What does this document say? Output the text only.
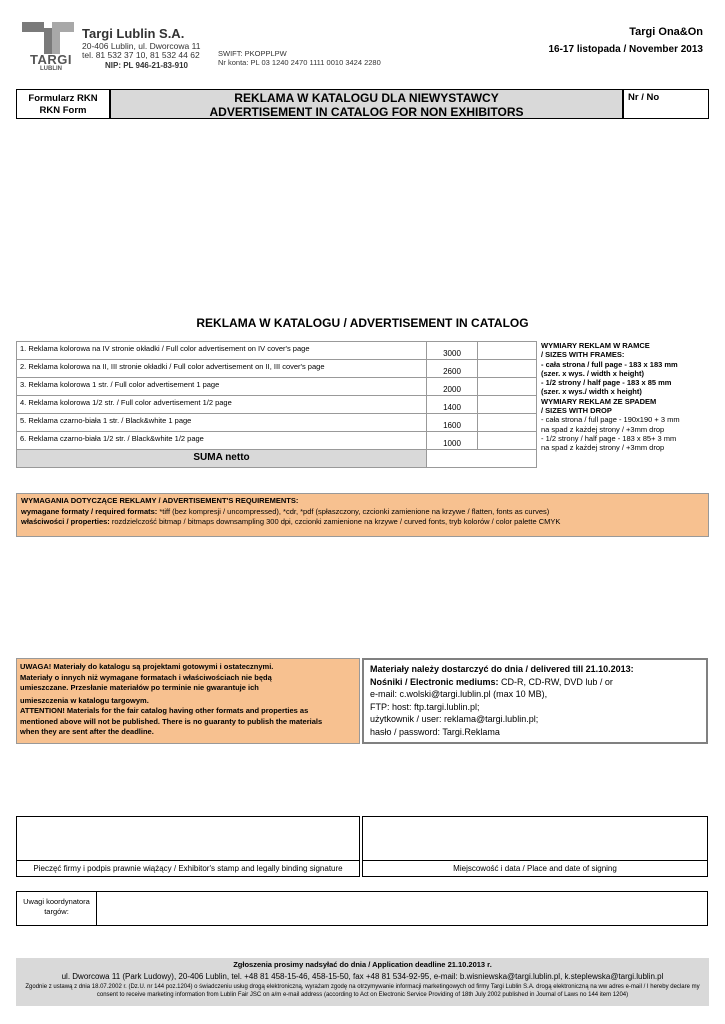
TARGI
LUBLIN
Targi Lublin S.A.
20-406 Lublin, ul. Dworcowa 11
tel. 81 532 37 10, 81 532 44 62
NIP: PL 946-21-83-910
SWIFT: PKOPPLPW
Nr konta: PL 03 1240 2470 1111 0010 3424 2280
Targi Ona&On
16-17 listopada / November 2013
Formularz RKN
RKN Form
REKLAMA W KATALOGU DLA NIEWYSTAWCY
ADVERTISEMENT IN CATALOG FOR NON EXHIBITORS
Nr / No
REKLAMA W KATALOGU / ADVERTISEMENT IN CATALOG
1. Reklama kolorowa na IV stronie okładki / Full color advertisement on IV cover's page	3000	
2. Reklama kolorowa na II, III stronie okładki / Full color advertisement on II, III cover's page	2600	
3. Reklama kolorowa 1 str. / Full color advertisement 1 page	2000	
4. Reklama kolorowa 1/2 str. / Full color advertisement 1/2 page	1400	
5. Reklama czarno-biała 1 str. / Black&white 1 page	1600	
6. Reklama czarno-biała 1/2 str. / Black&white 1/2 page	1000	
SUMA netto		
WYMIARY REKLAM W RAMCE
/ SIZES WITH FRAMES:
- cała strona / full page - 183 x 183 mm
(szer. x wys. / width x height)
- 1/2 strony / half page - 183 x 85 mm
(szer. x wys./ width x height)
WYMIARY REKLAM ZE SPADEM
/ SIZES WITH DROP
- cała strona / full page - 190x190 + 3 mm
na spad z każdej strony / +3mm drop
- 1/2 strony / half page - 183 x 85+ 3 mm
na spad z każdej strony / +3mm drop
WYMAGANIA DOTYCZĄCE REKLAMY / ADVERTISEMENT'S REQUIREMENTS:
wymagane formaty / required formats: *tiff (bez kompresji / uncompressed), *cdr, *pdf (spłaszczony, czcionki zamienione na krzywe / flatten, fonts as curves)
właściwości / properties: rozdzielczość bitmap / bitmaps downsampling 300 dpi, czcionki zamienione na krzywe / curved fonts, tryb kolorów / color palette CMYK
UWAGA! Materiały do katalogu są projektami gotowymi i ostatecznymi.
Materiały o innych niż wymagane formatach i właściwościach nie będą
umieszczane. Przesłanie materiałów po terminie nie gwarantuje ich
umieszczenia w katalogu targowym.
ATTENTION! Materials for the fair catalog having other formats and properties as
mentioned above will not be published. There is no guaranty to publish the materials
when they are sent after the deadline.
Materiały należy dostarczyć do dnia / delivered till 21.10.2013:
Nośniki / Electronic mediums: CD-R, CD-RW, DVD lub / or
e-mail: c.wolski@targi.lublin.pl (max 10 MB),
FTP: host: ftp.targi.lublin.pl;
użytkownik / user: reklama@targi.lublin.pl;
hasło / password: Targi.Reklama
Pieczęć firmy i podpis prawnie wiążący / Exhibitor's stamp and legally binding signature	Miejscowość i data / Place and date of signing
Uwagi koordynatora
targów:
Zgłoszenia prosimy nadsyłać do dnia / Application deadline 21.10.2013 r.
ul. Dworcowa 11 (Park Ludowy), 20-406 Lublin, tel. +48 81 458-15-46, 458-15-50, fax +48 81 534-92-95, e-mail: b.wisniewska@targi.lublin.pl, k.steplewska@targi.lublin.pl
Zgodnie z ustawą z dnia 18.07.2002 r. (Dz.U. nr 144 poz.1204) o świadczeniu usług drogą elektroniczną, wyrażam zgodę na otrzymywanie informacji marketingowych od firmy Targi Lublin S.A. drogą elektroniczną na ww adres e-mail / I hereby declare my
consent to receive marketing information from Lublin Fair JSC on a/m e-mail address (according to Act on Electronic Service Providing of 18th July 2002 published in Journal of Laws no 144 item 1204)
